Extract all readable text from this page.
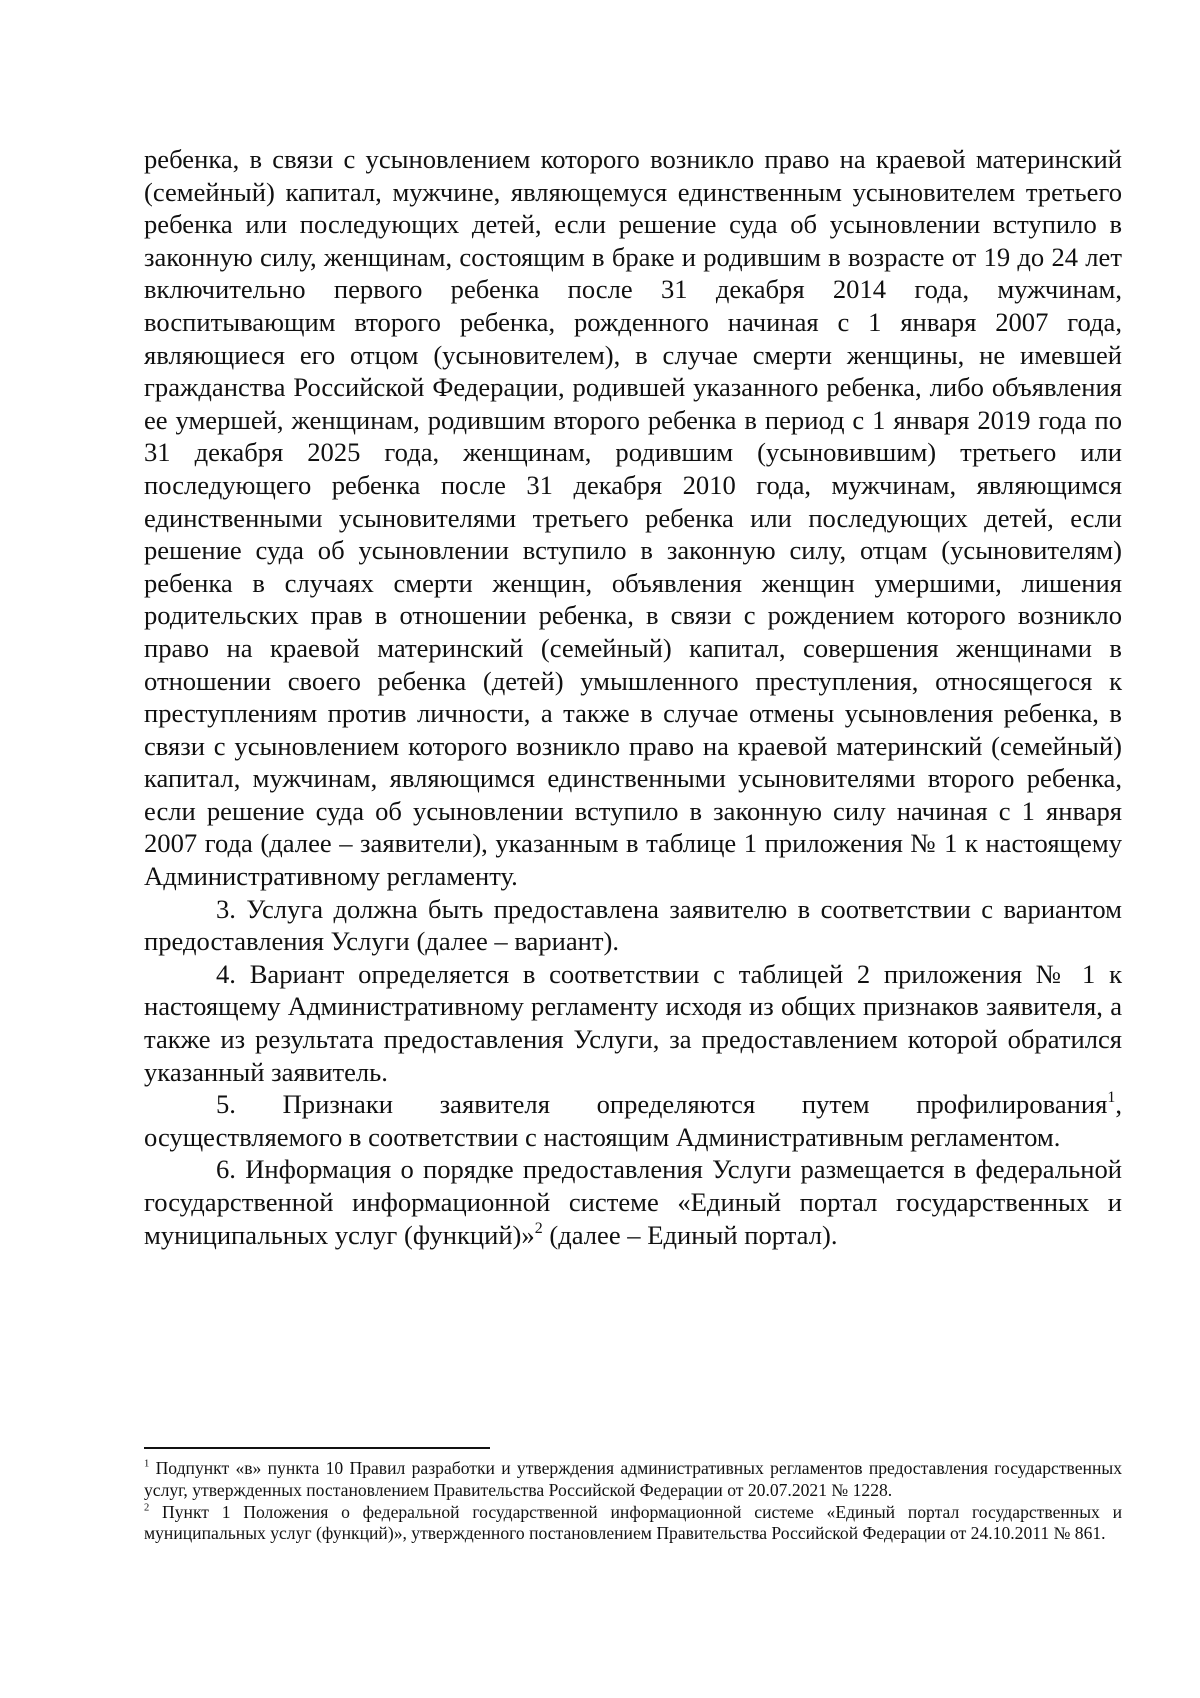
ребенка, в связи с усыновлением которого возникло право на краевой материнский (семейный) капитал, мужчине, являющемуся единственным усыновителем третьего ребенка или последующих детей, если решение суда об усыновлении вступило в законную силу, женщинам, состоящим в браке и родившим в возрасте от 19 до 24 лет включительно первого ребенка после 31 декабря 2014 года, мужчинам, воспитывающим второго ребенка, рожденного начиная с 1 января 2007 года, являющиеся его отцом (усыновителем), в случае смерти женщины, не имевшей гражданства Российской Федерации, родившей указанного ребенка, либо объявления ее умершей, женщинам, родившим второго ребенка в период с 1 января 2019 года по 31 декабря 2025 года, женщинам, родившим (усыновившим) третьего или последующего ребенка после 31 декабря 2010 года, мужчинам, являющимся единственными усыновителями третьего ребенка или последующих детей, если решение суда об усыновлении вступило в законную силу, отцам (усыновителям) ребенка в случаях смерти женщин, объявления женщин умершими, лишения родительских прав в отношении ребенка, в связи с рождением которого возникло право на краевой материнский (семейный) капитал, совершения женщинами в отношении своего ребенка (детей) умышленного преступления, относящегося к преступлениям против личности, а также в случае отмены усыновления ребенка, в связи с усыновлением которого возникло право на краевой материнский (семейный) капитал, мужчинам, являющимся единственными усыновителями второго ребенка, если решение суда об усыновлении вступило в законную силу начиная с 1 января 2007 года (далее – заявители), указанным в таблице 1 приложения № 1 к настоящему Административному регламенту.

3. Услуга должна быть предоставлена заявителю в соответствии с вариантом предоставления Услуги (далее – вариант).

4. Вариант определяется в соответствии с таблицей 2 приложения № 1 к настоящему Административному регламенту исходя из общих признаков заявителя, а также из результата предоставления Услуги, за предоставлением которой обратился указанный заявитель.

5. Признаки заявителя определяются путем профилирования$^1$, осуществляемого в соответствии с настоящим Административным регламентом.

6. Информация о порядке предоставления Услуги размещается в федеральной государственной информационной системе «Единый портал государственных и муниципальных услуг (функций)»$^2$ (далее – Единый портал).

$^1$ Подпункт «в» пункта 10 Правил разработки и утверждения административных регламентов предоставления государственных услуг, утвержденных постановлением Правительства Российской Федерации от 20.07.2021 № 1228.

$^2$ Пункт 1 Положения о федеральной государственной информационной системе «Единый портал государственных и муниципальных услуг (функций)», утвержденного постановлением Правительства Российской Федерации от 24.10.2011 № 861.
